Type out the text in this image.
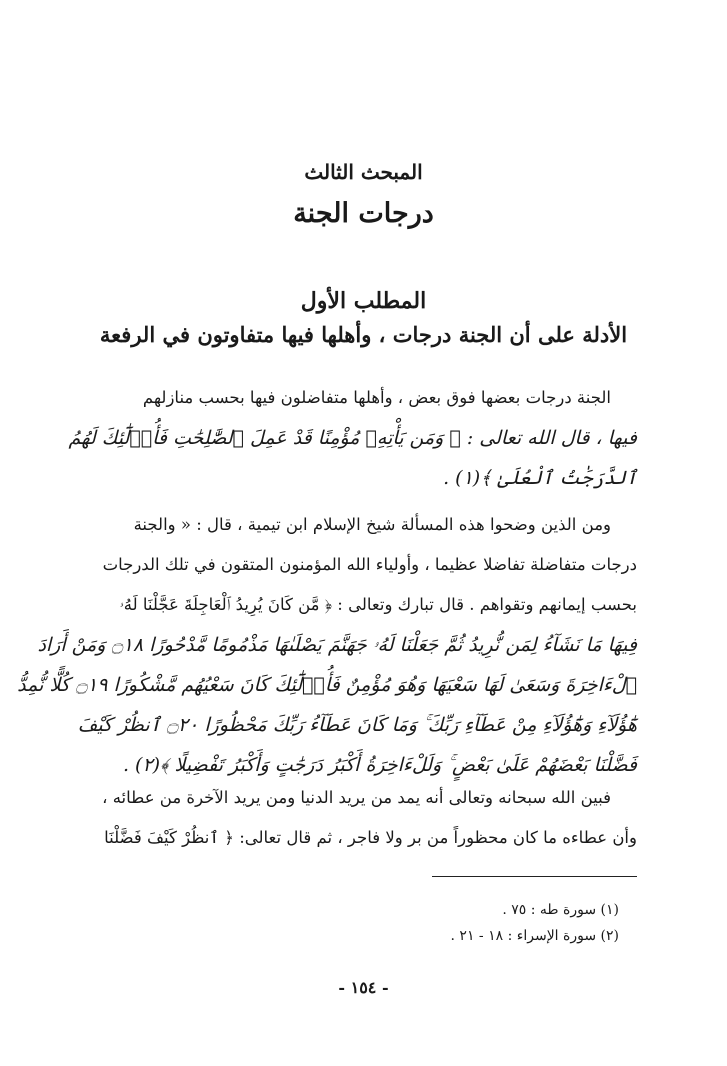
المبحث الثالث
درجات الجنة
المطلب الأول
الأدلة على أن الجنة درجات ، وأهلها فيها متفاوتون في الرفعة
الجنة درجات بعضها فوق بعض ، وأهلها متفاضلون فيها بحسب منازلهم
فيها ، قال الله تعالى : ﴿ وَمَن يَأْتِهِۦ مُؤْمِنًا قَدْ عَمِلَ ٱلصَّٰلِحَٰتِ فَأُو۟لَٰٓئِكَ لَهُمُ
ٱلدَّرَجَٰتُ ٱلْعُلَىٰ ﴾(١) .
ومن الذين وضحوا هذه المسألة شيخ الإسلام ابن تيمية ، قال : « والجنة
درجات متفاضلة تفاضلا عظيما ، وأولياء الله المؤمنون المتقون في تلك الدرجات
بحسب إيمانهم وتقواهم . قال تبارك وتعالى : ﴿ مَّن كَانَ يُرِيدُ ٱلْعَاجِلَةَ عَجَّلْنَا لَهُۥ
فِيهَا مَا نَشَآءُ لِمَن نُّرِيدُ ثُمَّ جَعَلْنَا لَهُۥ جَهَنَّمَ يَصْلَىٰهَا مَذْمُومًا مَّدْحُورًا ۝١٨ وَمَنْ أَرَادَ
ٱلْءَاخِرَةَ وَسَعَىٰ لَهَا سَعْيَهَا وَهُوَ مُؤْمِنٌ فَأُو۟لَٰٓئِكَ كَانَ سَعْيُهُم مَّشْكُورًا ۝١٩ كُلًّا نُّمِدُّ
هَٰٓؤُلَآءِ وَهَٰٓؤُلَآءِ مِنْ عَطَآءِ رَبِّكَ ۚ وَمَا كَانَ عَطَآءُ رَبِّكَ مَحْظُورًا ۝٢٠ ٱنظُرْ كَيْفَ
فَضَّلْنَا بَعْضَهُمْ عَلَىٰ بَعْضٍ ۚ وَلَلْءَاخِرَةُ أَكْبَرُ دَرَجَٰتٍ وَأَكْبَرُ تَفْضِيلًا ﴾(٢) .
فبين الله سبحانه وتعالى أنه يمد من يريد الدنيا ومن يريد الآخرة من عطائه ،
وأن عطاءه ما كان محظوراً من بر ولا فاجر ، ثم قال تعالى: ﴿ ٱنظُرْ كَيْفَ فَضَّلْنَا
(١) سورة طه : ٧٥ .
(٢) سورة الإسراء : ١٨ - ٢١ .
- ١٥٤ -
